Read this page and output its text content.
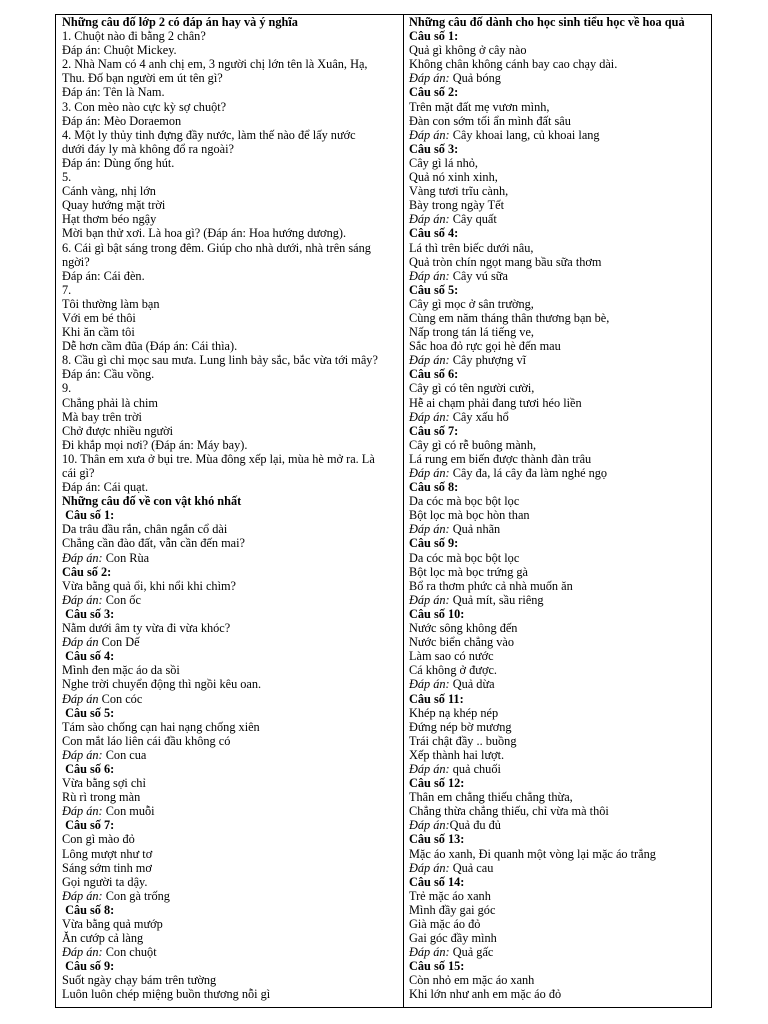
Những câu đố lớp 2 có đáp án hay và ý nghĩa
1. Chuột nào đi bằng 2 chân?
Đáp án: Chuột Mickey.
2. Nhà Nam có 4 anh chị em, 3 người chị lớn tên là Xuân, Hạ,
Thu. Đố bạn người em út tên gì?
Đáp án: Tên là Nam.
3. Con mèo nào cực kỳ sợ chuột?
Đáp án: Mèo Doraemon
4. Một ly thủy tinh đựng đầy nước, làm thế nào để lấy nước
dưới đáy ly mà không đổ ra ngoài?
Đáp án: Dùng ống hút.
5.
Cánh vàng, nhị lớn
Quay hướng mặt trời
Hạt thơm béo ngậy
Mời bạn thử xơi. Là hoa gì? (Đáp án: Hoa hướng dương).
6. Cái gì bật sáng trong đêm. Giúp cho nhà dưới, nhà trên sáng
ngời?
Đáp án: Cái đèn.
7.
Tôi thường làm bạn
Với em bé thôi
Khi ăn cầm tôi
Dễ hơn cầm đũa (Đáp án: Cái thìa).
8. Cầu gì chỉ mọc sau mưa. Lung linh bảy sắc, bắc vừa tới mây?
Đáp án: Cầu vồng.
9.
Chẳng phải là chim
Mà bay trên trời
Chở được nhiều người
Đi khắp mọi nơi? (Đáp án: Máy bay).
10. Thân em xưa ở bụi tre. Mùa đông xếp lại, mùa hè mở ra. Là
cái gì?
Đáp án: Cái quạt.
Những câu đố về con vật khó nhất
Câu số 1:
Da trâu đầu rắn, chân ngắn cổ dài
Chẳng cần đào đất, vẫn cần đến mai?
Đáp án: Con Rùa
Câu số 2:
Vừa bằng quả ổi, khi nổi khi chìm?
Đáp án: Con ốc
Câu số 3:
Nằm dưới âm ty vừa đi vừa khóc?
Đáp án Con Dế
Câu số 4:
Mình đen mặc áo da sồi
Nghe trời chuyển động thì ngồi kêu oan.
Đáp án Con cóc
Câu số 5:
Tám sào chống cạn hai nạng chống xiên
Con mắt láo liên cái đầu không có
Đáp án: Con cua
Câu số 6:
Vừa bằng sợi chỉ
Rù rì trong màn
Đáp án: Con muỗi
Câu số 7:
Con gì mào đỏ
Lông mượt như tơ
Sáng sớm tinh mơ
Gọi người ta dậy.
Đáp án: Con gà trống
Câu số 8:
Vừa bằng quả mướp
Ăn cướp cả làng
Đáp án: Con chuột
Câu số 9:
Suốt ngày chạy bám trên tường
Luôn luôn chép miệng buồn thương nỗi gì
Những câu đố dành cho học sinh tiểu học về hoa quả
Câu số 1:
Quả gì không ở cây nào
Không chân không cánh bay cao chạy dài.
Đáp án: Quả bóng
Câu số 2:
Trên mặt đất mẹ vươn mình,
Đàn con sớm tối ẩn mình đất sâu
Đáp án: Cây khoai lang, củ khoai lang
Câu số 3:
Cây gì lá nhỏ,
Quả nó xinh xinh,
Vàng tươi trĩu cành,
Bày trong ngày Tết
Đáp án: Cây quất
Câu số 4:
Lá thì trên biếc dưới nâu,
Quả tròn chín ngọt mang bầu sữa thơm
Đáp án: Cây vú sữa
Câu số 5:
Cây gì mọc ở sân trường,
Cùng em năm tháng thân thương bạn bè,
Nấp trong tán lá tiếng ve,
Sắc hoa đỏ rực gọi hè đến mau
Đáp án: Cây phượng vĩ
Câu số 6:
Cây gì có tên người cười,
Hễ ai chạm phải đang tươi héo liền
Đáp án: Cây xấu hổ
Câu số 7:
Cây gì có rễ buông mành,
Lá rung em biến được thành đàn trâu
Đáp án: Cây đa, lá cây đa làm nghé ngọ
Câu số 8:
Da cóc mà bọc bột lọc
Bột lọc mà bọc hòn than
Đáp án: Quả nhãn
Câu số 9:
Da cóc mà bọc bột lọc
Bột lọc mà bọc trứng gà
Bổ ra thơm phức cả nhà muốn ăn
Đáp án: Quả mít, sầu riêng
Câu số 10:
Nước sông không đến
Nước biển chẳng vào
Làm sao có nước
Cá không ở được.
Đáp án: Quả dừa
Câu số 11:
Khép nạ khép nép
Đứng nép bờ mương
Trái chật đầy .. buồng
Xếp thành hai lượt.
Đáp án: quả chuối
Câu số 12:
Thân em chẳng thiếu chẳng thừa,
Chẳng thừa chẳng thiếu, chỉ vừa mà thôi
Đáp án:Quả đu đủ
Câu số 13:
Mặc áo xanh, Đi quanh một vòng lại mặc áo trắng
Đáp án: Quả cau
Câu số 14:
Trẻ mặc áo xanh
Mình đầy gai góc
Già mặc áo đỏ
Gai góc đầy mình
Đáp án: Quả gấc
Câu số 15:
Còn nhỏ em mặc áo xanh
Khi lớn như anh em mặc áo đỏ
